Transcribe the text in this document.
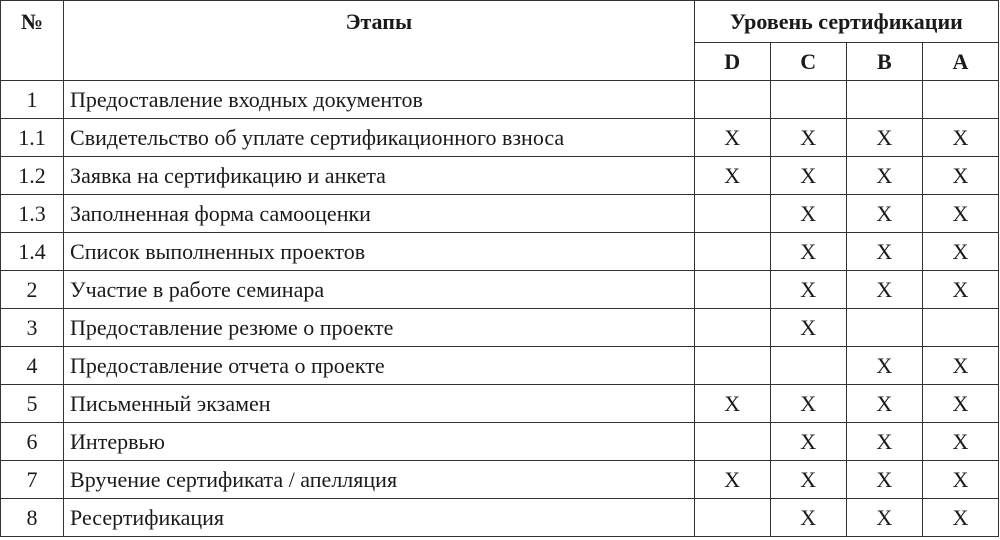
№	Этапы	Уровень сертификации			
		D	C	B	A
1	Предоставление входных документов				
1.1	Свидетельство об уплате сертификационного взноса	X	X	X	X
1.2	Заявка на сертификацию и анкета	X	X	X	X
1.3	Заполненная форма самооценки		X	X	X
1.4	Список выполненных проектов		X	X	X
2	Участие в работе семинара		X	X	X
3	Предоставление резюме о проекте		X		
4	Предоставление отчета о проекте			X	X
5	Письменный экзамен	X	X	X	X
6	Интервью		X	X	X
7	Вручение сертификата / апелляция	X	X	X	X
8	Ресертификация		X	X	X
